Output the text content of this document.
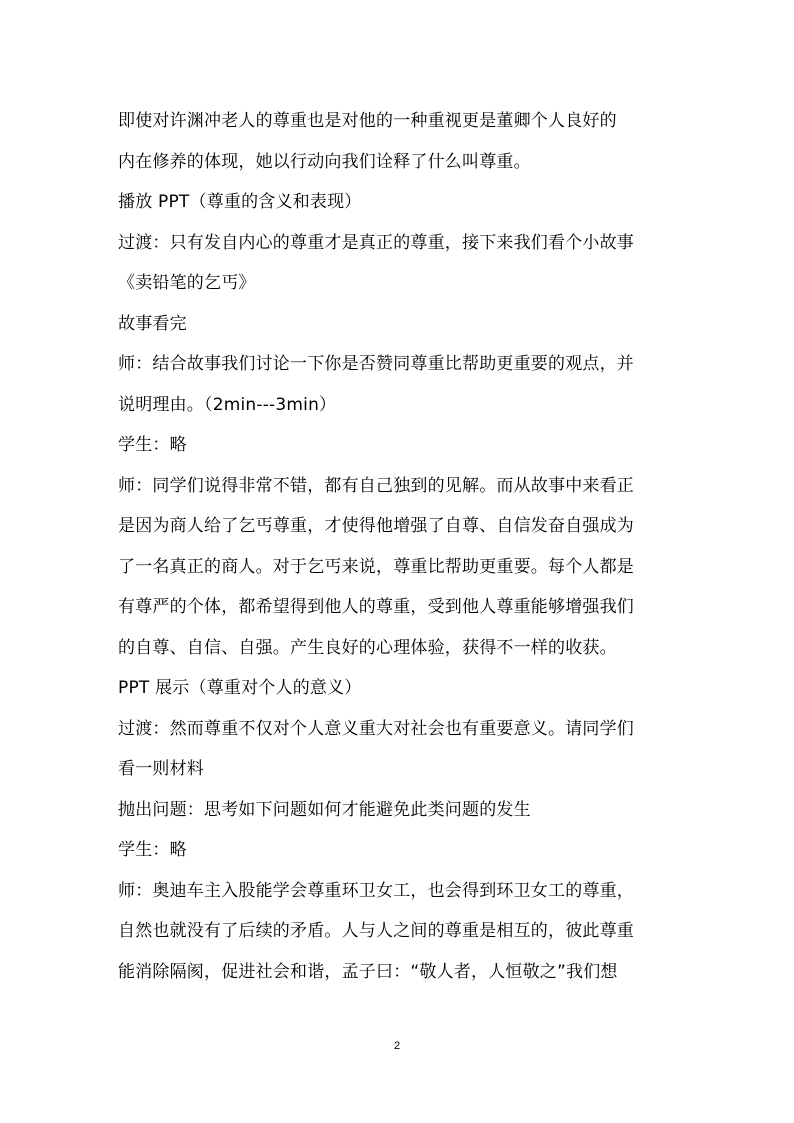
即使对许渊冲老人的尊重也是对他的一种重视更是董卿个人良好的
内在修养的体现，她以行动向我们诠释了什么叫尊重。
播放 PPT（尊重的含义和表现）
过渡：只有发自内心的尊重才是真正的尊重，接下来我们看个小故事
《卖铅笔的乞丐》
故事看完
师：结合故事我们讨论一下你是否赞同尊重比帮助更重要的观点，并
说明理由。（2min---3min）
学生：略
师：同学们说得非常不错，都有自己独到的见解。而从故事中来看正
是因为商人给了乞丐尊重，才使得他增强了自尊、自信发奋自强成为
了一名真正的商人。对于乞丐来说，尊重比帮助更重要。每个人都是
有尊严的个体，都希望得到他人的尊重，受到他人尊重能够增强我们
的自尊、自信、自强。产生良好的心理体验，获得不一样的收获。
PPT 展示（尊重对个人的意义）
过渡：然而尊重不仅对个人意义重大对社会也有重要意义。请同学们
看一则材料
抛出问题：思考如下问题如何才能避免此类问题的发生
学生：略
师：奥迪车主入股能学会尊重环卫女工，也会得到环卫女工的尊重，
自然也就没有了后续的矛盾。人与人之间的尊重是相互的，彼此尊重
能消除隔阂，促进社会和谐，孟子曰：“敬人者，人恒敬之”我们想
2
